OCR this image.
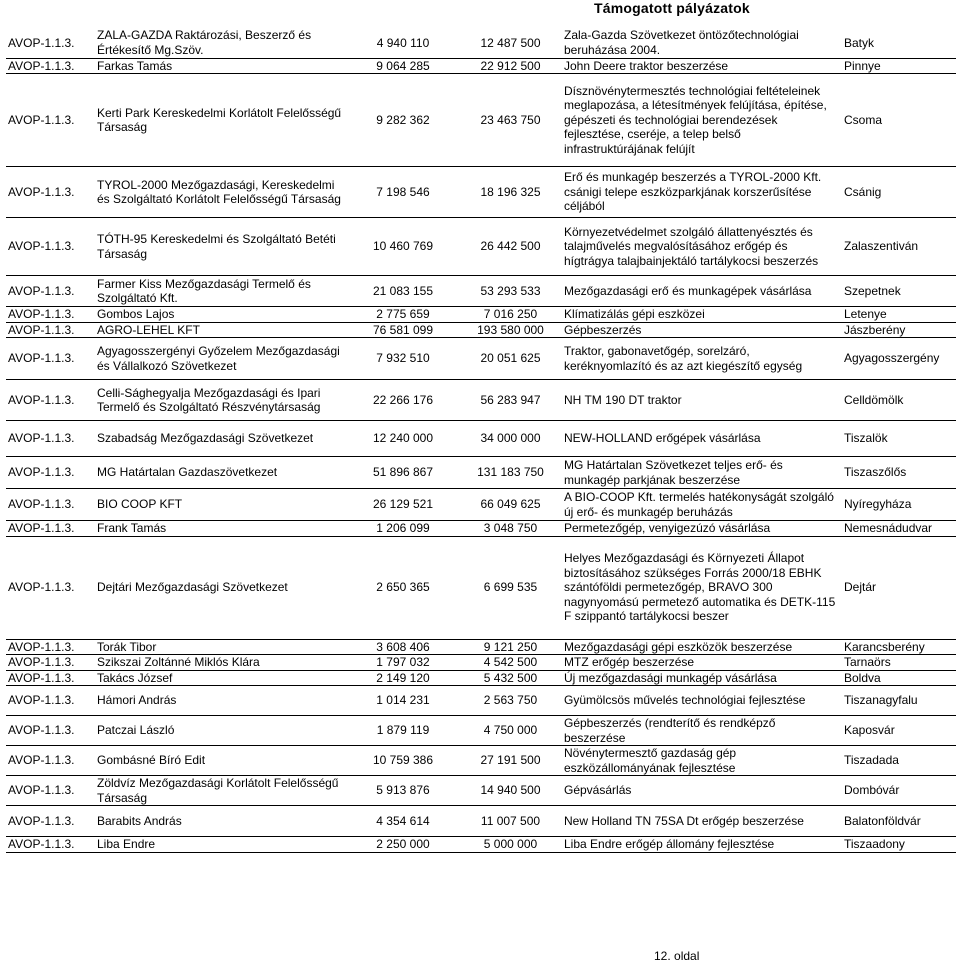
Támogatott pályázatok
AVOP-1.1.3.	ZALA-GAZDA Raktározási, Beszerző és Értékesítő Mg.Szöv.	4 940 110	12 487 500	Zala-Gazda Szövetkezet öntözőtechnológiai beruházása 2004.	Batyk
AVOP-1.1.3.	Farkas Tamás	9 064 285	22 912 500	John Deere traktor beszerzése	Pinnye
AVOP-1.1.3.	Kerti Park Kereskedelmi Korlátolt Felelősségű Társaság	9 282 362	23 463 750	Dísznövénytermesztés technológiai feltételeinek meglapozása, a létesítmények felújítása, építése, gépészeti és technológiai berendezések fejlesztése, cseréje, a telep belső infrastruktúrájának felújít	Csoma
AVOP-1.1.3.	TYROL-2000 Mezőgazdasági, Kereskedelmi és Szolgáltató Korlátolt Felelősségű Társaság	7 198 546	18 196 325	Erő és munkagép beszerzés a TYROL-2000 Kft. csánigi telepe eszközparkjának korszerűsítése céljából	Csánig
AVOP-1.1.3.	TÓTH-95 Kereskedelmi és Szolgáltató Betéti Társaság	10 460 769	26 442 500	Környezetvédelmet szolgáló állattenyésztés és talajművelés megvalósításához erőgép és hígtrágya talajbainjektáló tartálykocsi beszerzés	Zalaszentiván
AVOP-1.1.3.	Farmer Kiss Mezőgazdasági Termelő és Szolgáltató Kft.	21 083 155	53 293 533	Mezőgazdasági erő és munkagépek vásárlása	Szepetnek
AVOP-1.1.3.	Gombos Lajos	2 775 659	7 016 250	Klímatizálás gépi eszközei	Letenye
AVOP-1.1.3.	AGRO-LEHEL KFT	76 581 099	193 580 000	Gépbeszerzés	Jászberény
AVOP-1.1.3.	Agyagosszergényi Győzelem Mezőgazdasági és Vállalkozó Szövetkezet	7 932 510	20 051 625	Traktor, gabonavetőgép, sorelzáró, keréknyomlazító és az azt kiegészítő egység	Agyagosszergény
AVOP-1.1.3.	Celli-Sághegyalja Mezőgazdasági és Ipari Termelő és Szolgáltató Részvénytársaság	22 266 176	56 283 947	NH TM 190 DT traktor	Celldömölk
AVOP-1.1.3.	Szabadság Mezőgazdasági Szövetkezet	12 240 000	34 000 000	NEW-HOLLAND erőgépek vásárlása	Tiszalök
AVOP-1.1.3.	MG Határtalan Gazdaszövetkezet	51 896 867	131 183 750	MG Határtalan Szövetkezet teljes erő- és munkagép parkjának beszerzése	Tiszaszőlős
AVOP-1.1.3.	BIO COOP KFT	26 129 521	66 049 625	A BIO-COOP Kft. termelés hatékonyságát szolgáló új erő- és munkagép beruházás	Nyíregyháza
AVOP-1.1.3.	Frank Tamás	1 206 099	3 048 750	Permetezőgép, venyigezúzó vásárlása	Nemesnádudvar
AVOP-1.1.3.	Dejtári Mezőgazdasági Szövetkezet	2 650 365	6 699 535	Helyes Mezőgazdasági és Környezeti Állapot biztosításához szükséges Forrás 2000/18 EBHK szántóföldi permetezőgép, BRAVO 300 nagynyomású permetező automatika és DETK-115 F szippantó tartálykocsi beszer	Dejtár
AVOP-1.1.3.	Torák Tibor	3 608 406	9 121 250	Mezőgazdasági gépi eszközök beszerzése	Karancsberény
AVOP-1.1.3.	Szikszai Zoltánné Miklós Klára	1 797 032	4 542 500	MTZ erőgép beszerzése	Tarnaörs
AVOP-1.1.3.	Takács József	2 149 120	5 432 500	Új mezőgazdasági munkagép vásárlása	Boldva
AVOP-1.1.3.	Hámori András	1 014 231	2 563 750	Gyümölcsös művelés technológiai fejlesztése	Tiszanagyfalu
AVOP-1.1.3.	Patczai László	1 879 119	4 750 000	Gépbeszerzés (rendterítő és rendképző beszerzése	Kaposvár
AVOP-1.1.3.	Gombásné Bíró Edit	10 759 386	27 191 500	Növénytermesztő gazdaság gép eszközállományának fejlesztése	Tiszadada
AVOP-1.1.3.	Zöldvíz Mezőgazdasági Korlátolt Felelősségű Társaság	5 913 876	14 940 500	Gépvásárlás	Dombóvár
AVOP-1.1.3.	Barabits András	4 354 614	11 007 500	New Holland TN 75SA Dt erőgép beszerzése	Balatonföldvár
AVOP-1.1.3.	Liba Endre	2 250 000	5 000 000	Liba Endre erőgép állomány fejlesztése	Tiszaadony
12. oldal
